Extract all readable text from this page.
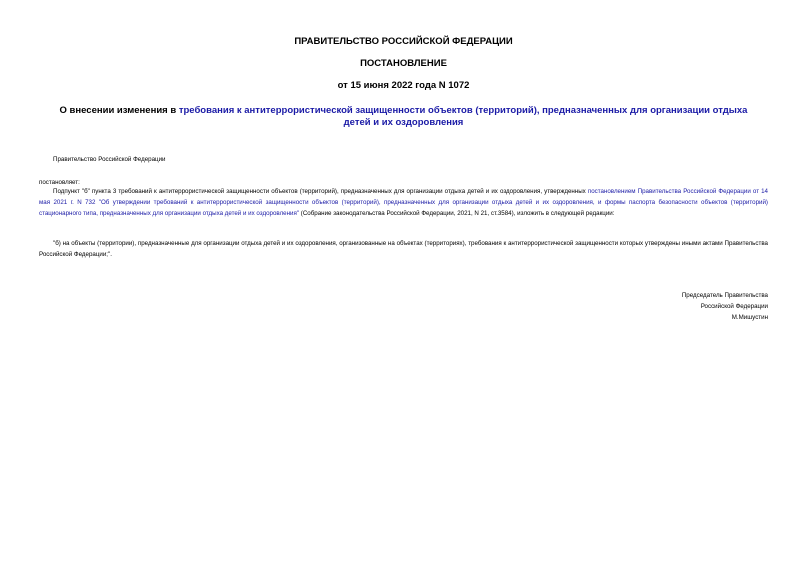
ПРАВИТЕЛЬСТВО РОССИЙСКОЙ ФЕДЕРАЦИИ
ПОСТАНОВЛЕНИЕ
от 15 июня 2022 года N 1072
О внесении изменения в требования к антитеррористической защищенности объектов (территорий), предназначенных для организации отдыха детей и их оздоровления
Правительство Российской Федерации
постановляет:
Подпункт "б" пункта 3 требований к антитеррористической защищенности объектов (территорий), предназначенных для организации отдыха детей и их оздоровления, утвержденных постановлением Правительства Российской Федерации от 14 мая 2021 г. N 732 "Об утверждении требований к антитеррористической защищенности объектов (территорий), предназначенных для организации отдыха детей и их оздоровления, и формы паспорта безопасности объектов (территорий) стационарного типа, предназначенных для организации отдыха детей и их оздоровления" (Собрание законодательства Российской Федерации, 2021, N 21, ст.3584), изложить в следующей редакции:
"б) на объекты (территории), предназначенные для организации отдыха детей и их оздоровления, организованные на объектах (территориях), требования к антитеррористической защищенности которых утверждены иными актами Правительства Российской Федерации;".
Председатель Правительства
Российской Федерации
М.Мишустин
